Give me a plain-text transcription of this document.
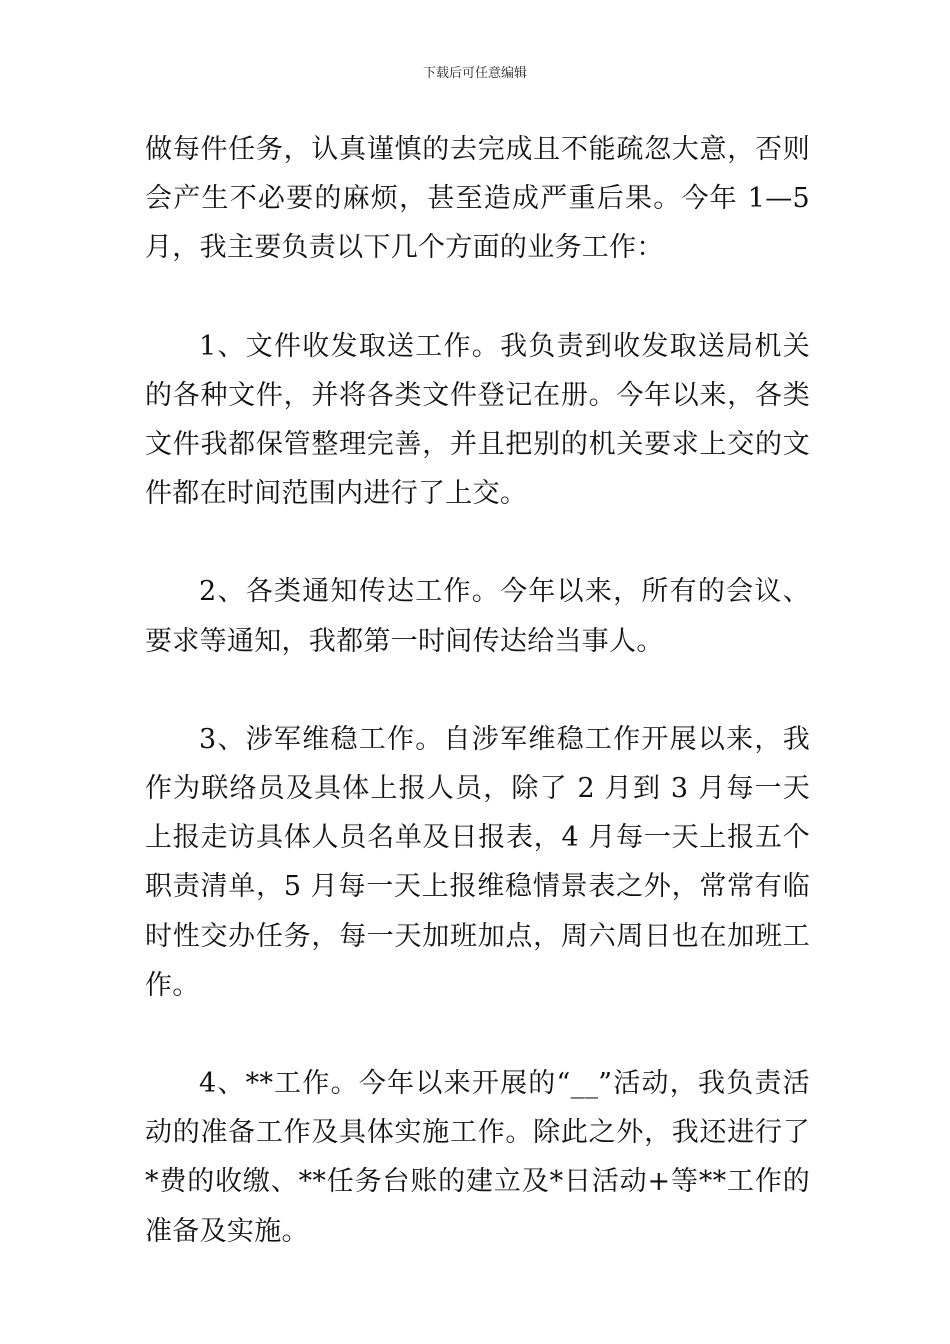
下载后可任意编辑

做每件任务，认真谨慎的去完成且不能疏忽大意，否则会产生不必要的麻烦，甚至造成严重后果。今年 1—5 月，我主要负责以下几个方面的业务工作：

1、文件收发取送工作。我负责到收发取送局机关的各种文件，并将各类文件登记在册。今年以来，各类文件我都保管整理完善，并且把别的机关要求上交的文件都在时间范围内进行了上交。

2、各类通知传达工作。今年以来，所有的会议、要求等通知，我都第一时间传达给当事人。

3、涉军维稳工作。自涉军维稳工作开展以来，我作为联络员及具体上报人员，除了 2 月到 3 月每一天上报走访具体人员名单及日报表，4 月每一天上报五个职责清单，5 月每一天上报维稳情景表之外，常常有临时性交办任务，每一天加班加点，周六周日也在加班工作。

4、**工作。今年以来开展的“__”活动，我负责活动的准备工作及具体实施工作。除此之外，我还进行了*费的收缴、**任务台账的建立及*日活动+等**工作的准备及实施。
